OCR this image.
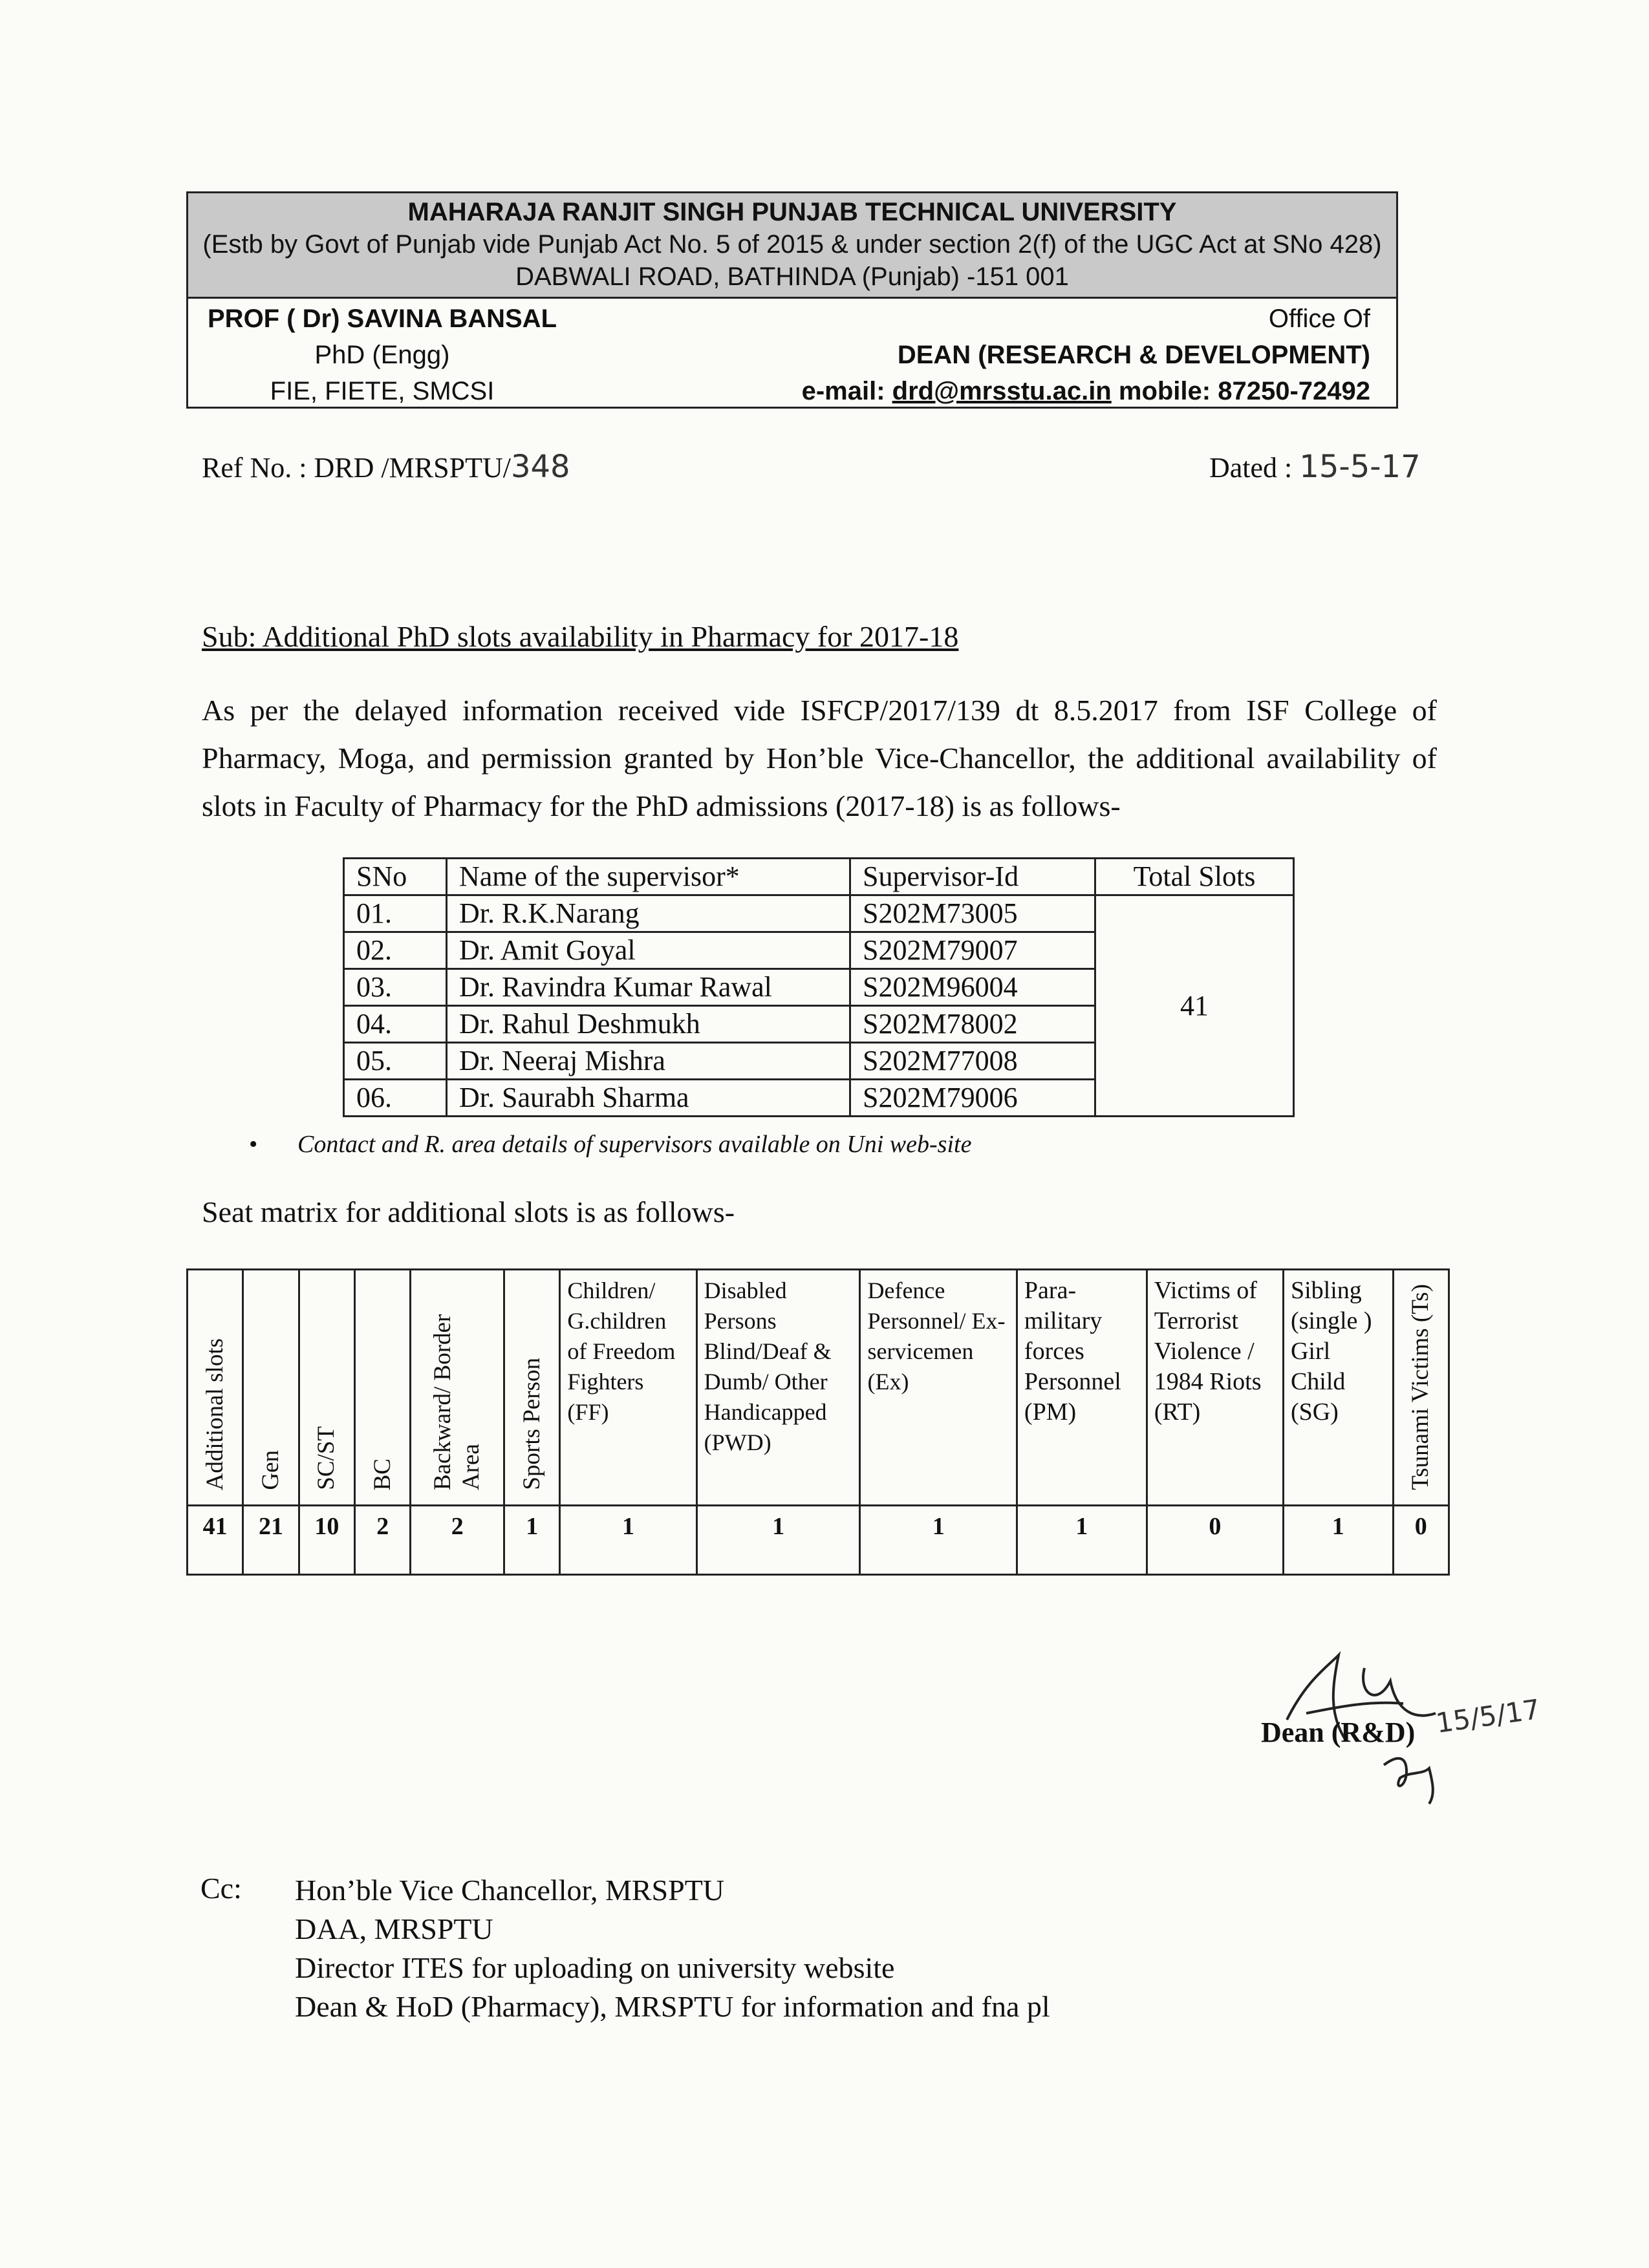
MAHARAJA RANJIT SINGH PUNJAB TECHNICAL UNIVERSITY
(Estb by Govt of Punjab vide Punjab Act No. 5 of 2015 & under section 2(f) of the UGC Act at SNo 428)
DABWALI ROAD, BATHINDA (Punjab) -151 001
PROF ( Dr) SAVINA BANSAL
PhD (Engg)
FIE, FIETE, SMCSI
Office Of
DEAN (RESEARCH & DEVELOPMENT)
e-mail: drd@mrsstu.ac.in mobile: 87250-72492
Ref No. : DRD /MRSPTU/348	Dated : 15-5-17
Sub: Additional PhD slots availability in Pharmacy for 2017-18
As per the delayed information received vide ISFCP/2017/139 dt 8.5.2017 from ISF College of Pharmacy, Moga, and permission granted by Hon’ble Vice-Chancellor, the additional availability of slots in Faculty of Pharmacy for the PhD admissions (2017-18) is as follows-
SNo	Name of the supervisor*	Supervisor-Id	Total Slots
01.	Dr. R.K.Narang	S202M73005	41
02.	Dr. Amit Goyal	S202M79007	
03.	Dr. Ravindra Kumar Rawal	S202M96004	
04.	Dr. Rahul Deshmukh	S202M78002	
05.	Dr. Neeraj Mishra	S202M77008	
06.	Dr. Saurabh Sharma	S202M79006	
• Contact and R. area details of supervisors available on Uni web-site
Seat matrix for additional slots is as follows-
Additional slots	Gen	SC/ST	BC	Backward/ Border Area	Sports Person	Children/ G.children of Freedom Fighters (FF)	Disabled Persons Blind/Deaf & Dumb/ Other Handicapped (PWD)	Defence Personnel/ Ex-servicemen (Ex)	Para-military forces Personnel (PM)	Victims of Terrorist Violence / 1984 Riots (RT)	Sibling (single ) Girl Child (SG)	Tsunami Victims (Ts)
41	21	10	2	2	1	1	1	1	1	0	1	0
Dean (R&D) 15/5/17
Cc: Hon’ble Vice Chancellor, MRSPTU
DAA, MRSPTU
Director ITES for uploading on university website
Dean & HoD (Pharmacy), MRSPTU for information and fna pl
